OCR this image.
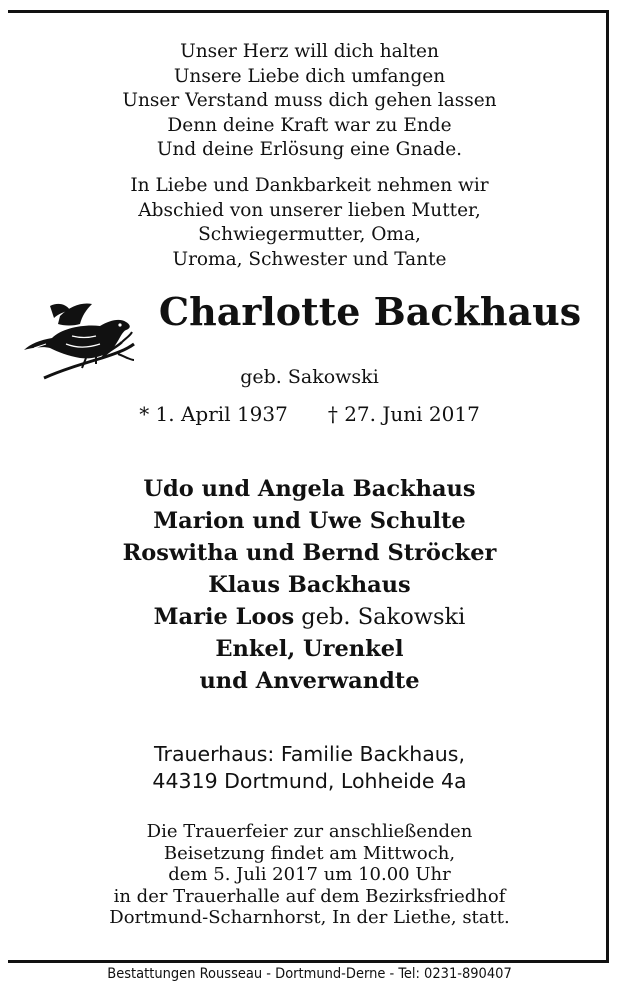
Unser Herz will dich halten
Unsere Liebe dich umfangen
Unser Verstand muss dich gehen lassen
Denn deine Kraft war zu Ende
Und deine Erlösung eine Gnade.
In Liebe und Dankbarkeit nehmen wir
Abschied von unserer lieben Mutter,
Schwiegermutter, Oma,
Uroma, Schwester und Tante
Charlotte Backhaus
geb. Sakowski
* 1. April 1937 † 27. Juni 2017
Udo und Angela Backhaus
Marion und Uwe Schulte
Roswitha und Bernd Ströcker
Klaus Backhaus
Marie Loos geb. Sakowski
Enkel, Urenkel
und Anverwandte
Trauerhaus: Familie Backhaus,
44319 Dortmund, Lohheide 4a
Die Trauerfeier zur anschließenden
Beisetzung findet am Mittwoch,
dem 5. Juli 2017 um 10.00 Uhr
in der Trauerhalle auf dem Bezirksfriedhof
Dortmund-Scharnhorst, In der Liethe, statt.
Bestattungen Rousseau - Dortmund-Derne - Tel: 0231-890407
